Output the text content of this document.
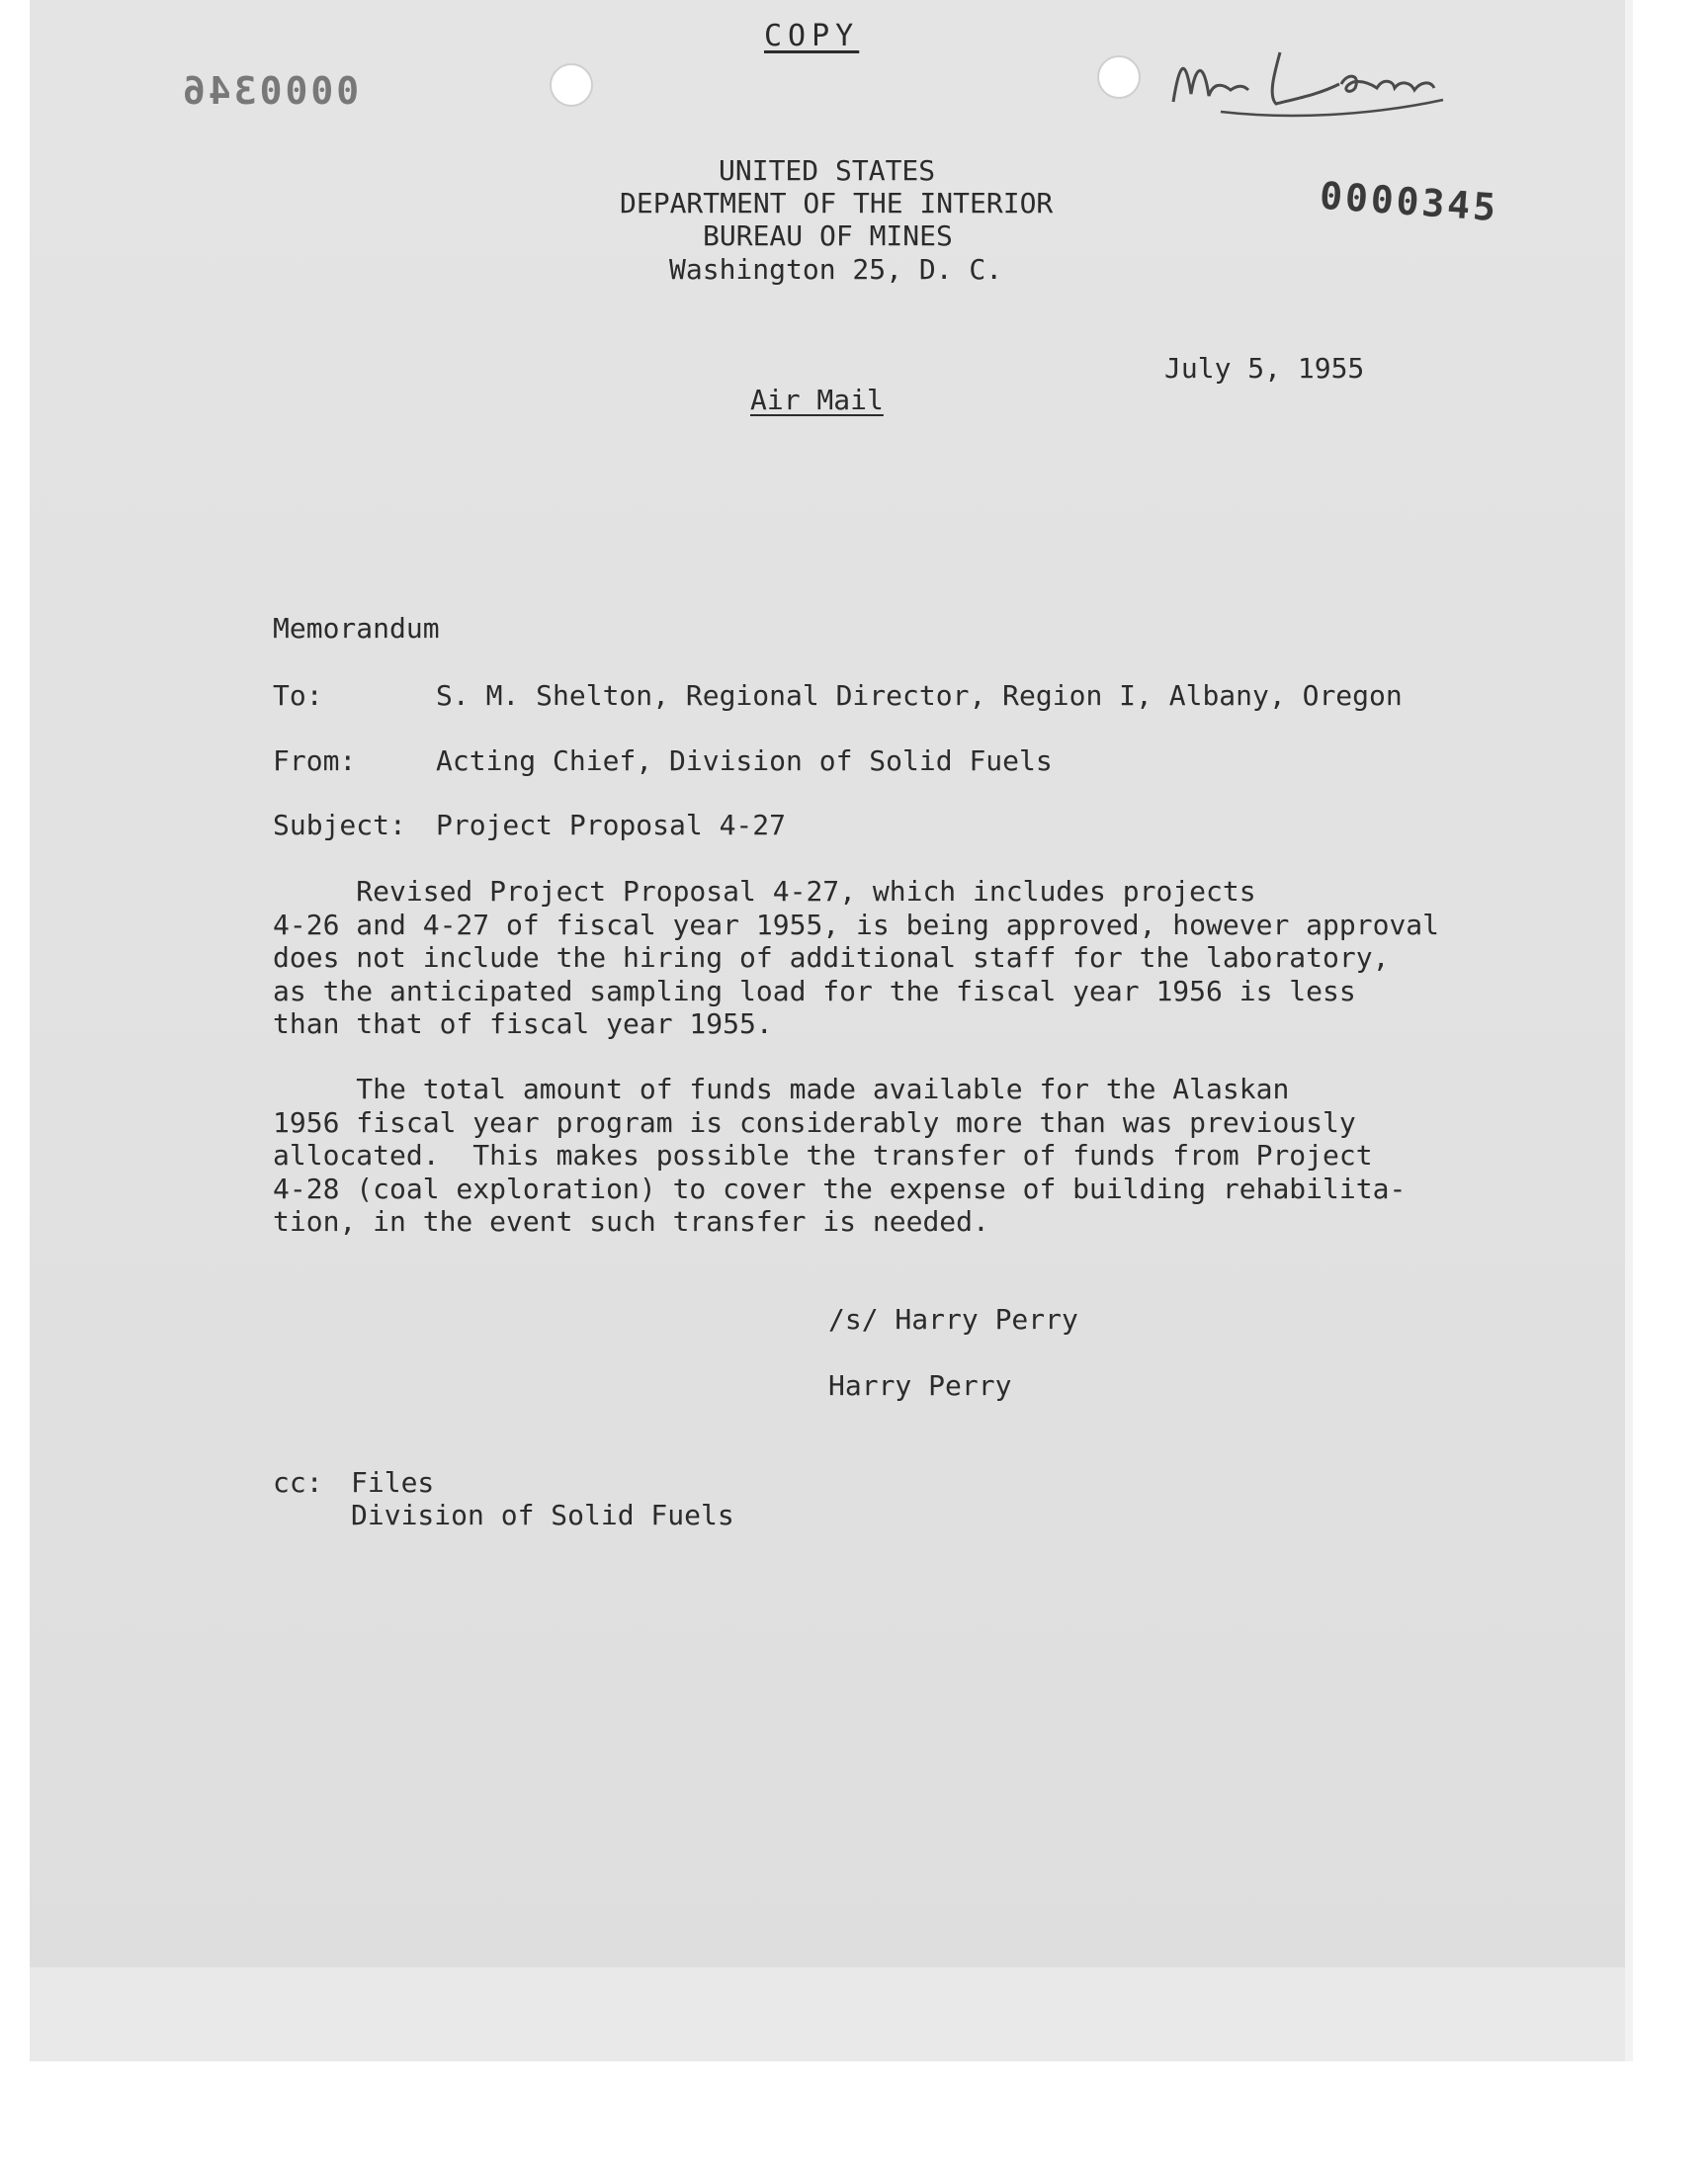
COPY
0000346
0000345
UNITED STATES
DEPARTMENT OF THE INTERIOR
BUREAU OF MINES
Washington 25, D. C.
July 5, 1955
Air Mail
Memorandum
To:	S. M. Shelton, Regional Director, Region I, Albany, Oregon
From:	Acting Chief, Division of Solid Fuels
Subject: Project Proposal 4-27
Revised Project Proposal 4-27, which includes projects
4-26 and 4-27 of fiscal year 1955, is being approved, however approval
does not include the hiring of additional staff for the laboratory,
as the anticipated sampling load for the fiscal year 1956 is less
than that of fiscal year 1955.
The total amount of funds made available for the Alaskan
1956 fiscal year program is considerably more than was previously
allocated.  This makes possible the transfer of funds from Project
4-28 (coal exploration) to cover the expense of building rehabilita-
tion, in the event such transfer is needed.
/s/ Harry Perry
Harry Perry
cc: Files
Division of Solid Fuels
